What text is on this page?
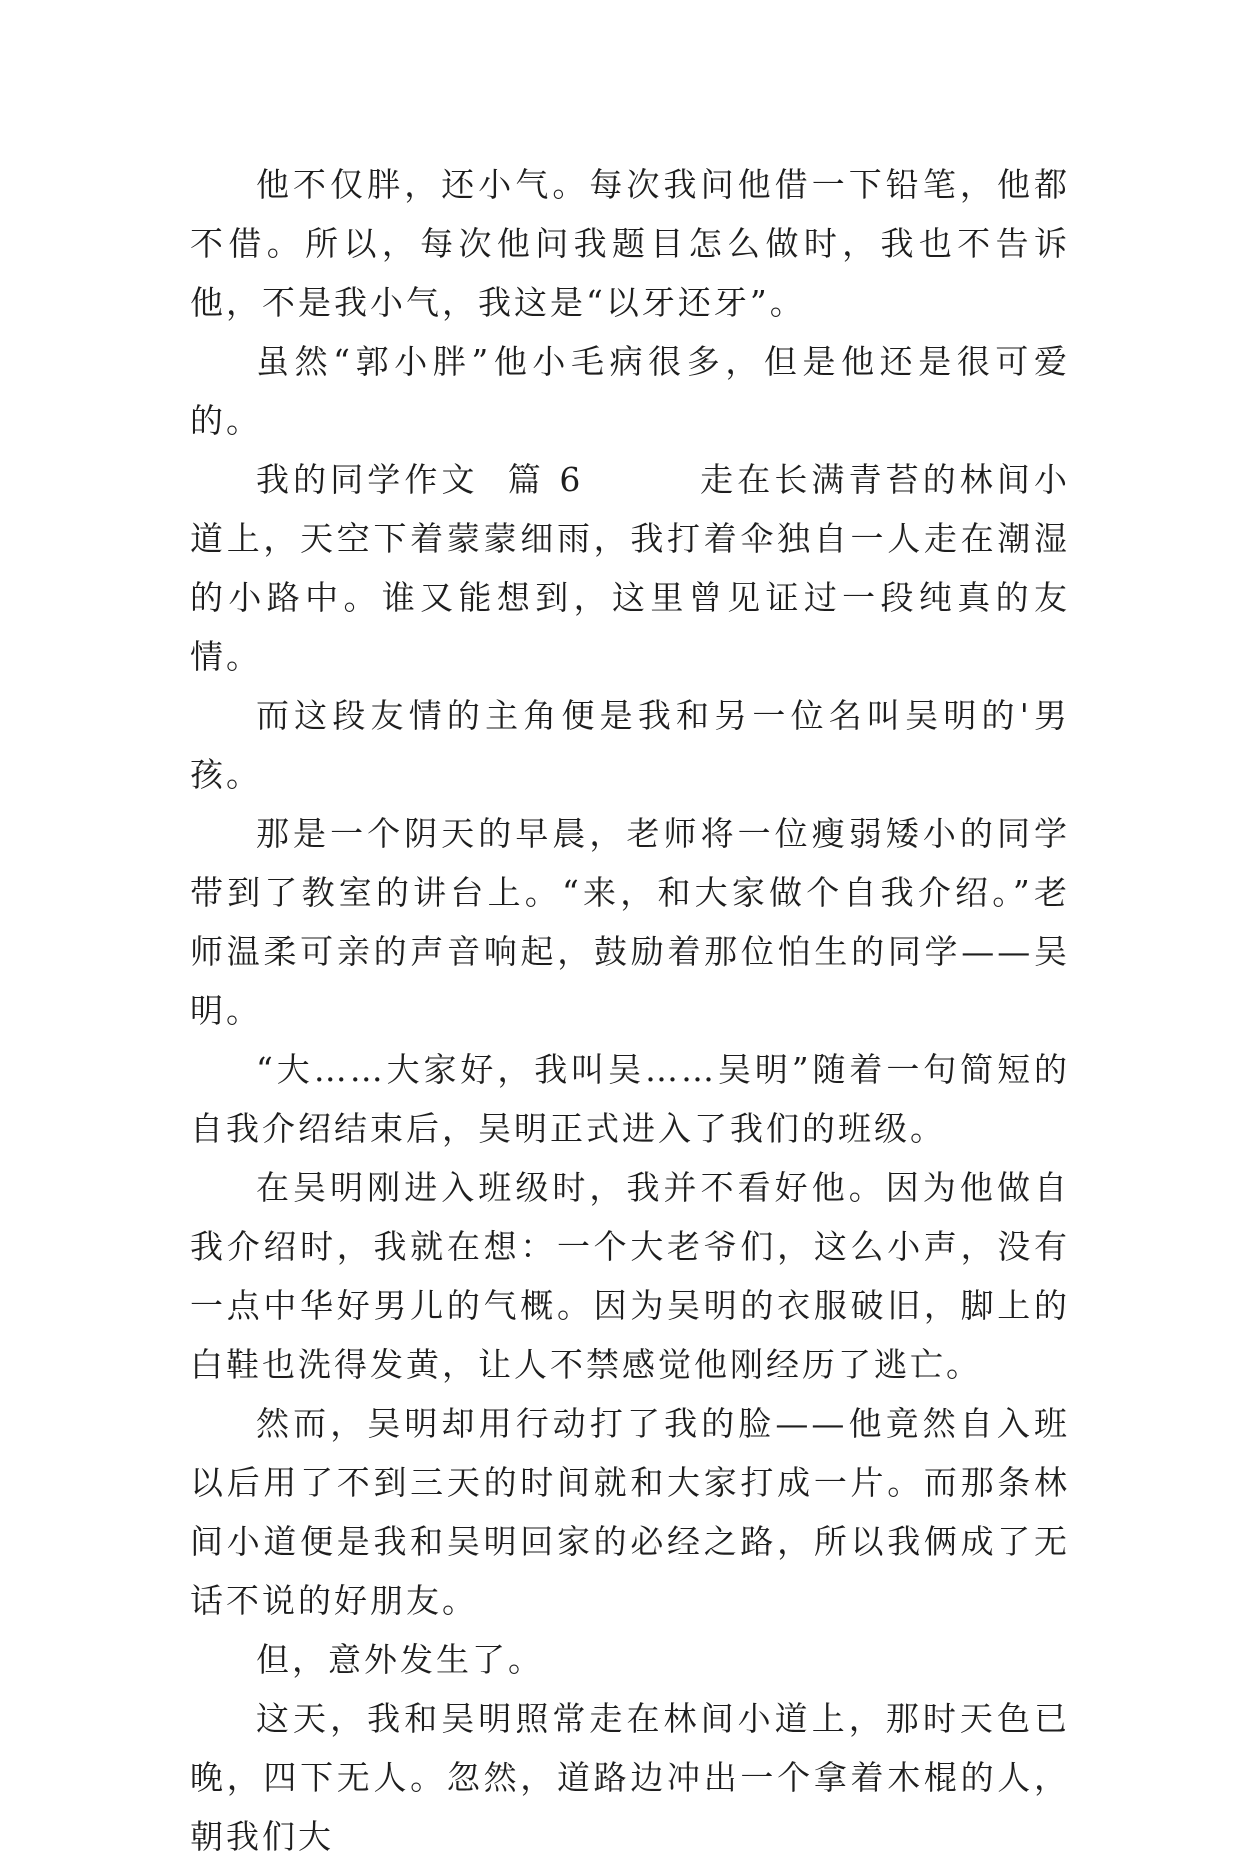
他不仅胖，还小气。每次我问他借一下铅笔，他都不借。所以，每次他问我题目怎么做时，我也不告诉他，不是我小气，我这是“以牙还牙”。

虽然“郭小胖”他小毛病很多，但是他还是很可爱的。

我的同学作文  篇 6        走在长满青苔的林间小道上，天空下着蒙蒙细雨，我打着伞独自一人走在潮湿的小路中。谁又能想到，这里曾见证过一段纯真的友情。

而这段友情的主角便是我和另一位名叫吴明的'男孩。

那是一个阴天的早晨，老师将一位瘦弱矮小的同学带到了教室的讲台上。“来，和大家做个自我介绍。”老师温柔可亲的声音响起，鼓励着那位怕生的同学——吴明。

“大……大家好，我叫吴……吴明”随着一句简短的自我介绍结束后，吴明正式进入了我们的班级。

在吴明刚进入班级时，我并不看好他。因为他做自我介绍时，我就在想：一个大老爷们，这么小声，没有一点中华好男儿的气概。因为吴明的衣服破旧，脚上的白鞋也洗得发黄，让人不禁感觉他刚经历了逃亡。

然而，吴明却用行动打了我的脸——他竟然自入班以后用了不到三天的时间就和大家打成一片。而那条林间小道便是我和吴明回家的必经之路，所以我俩成了无话不说的好朋友。

但，意外发生了。

这天，我和吴明照常走在林间小道上，那时天色已晚，四下无人。忽然，道路边冲出一个拿着木棍的人，朝我们大
